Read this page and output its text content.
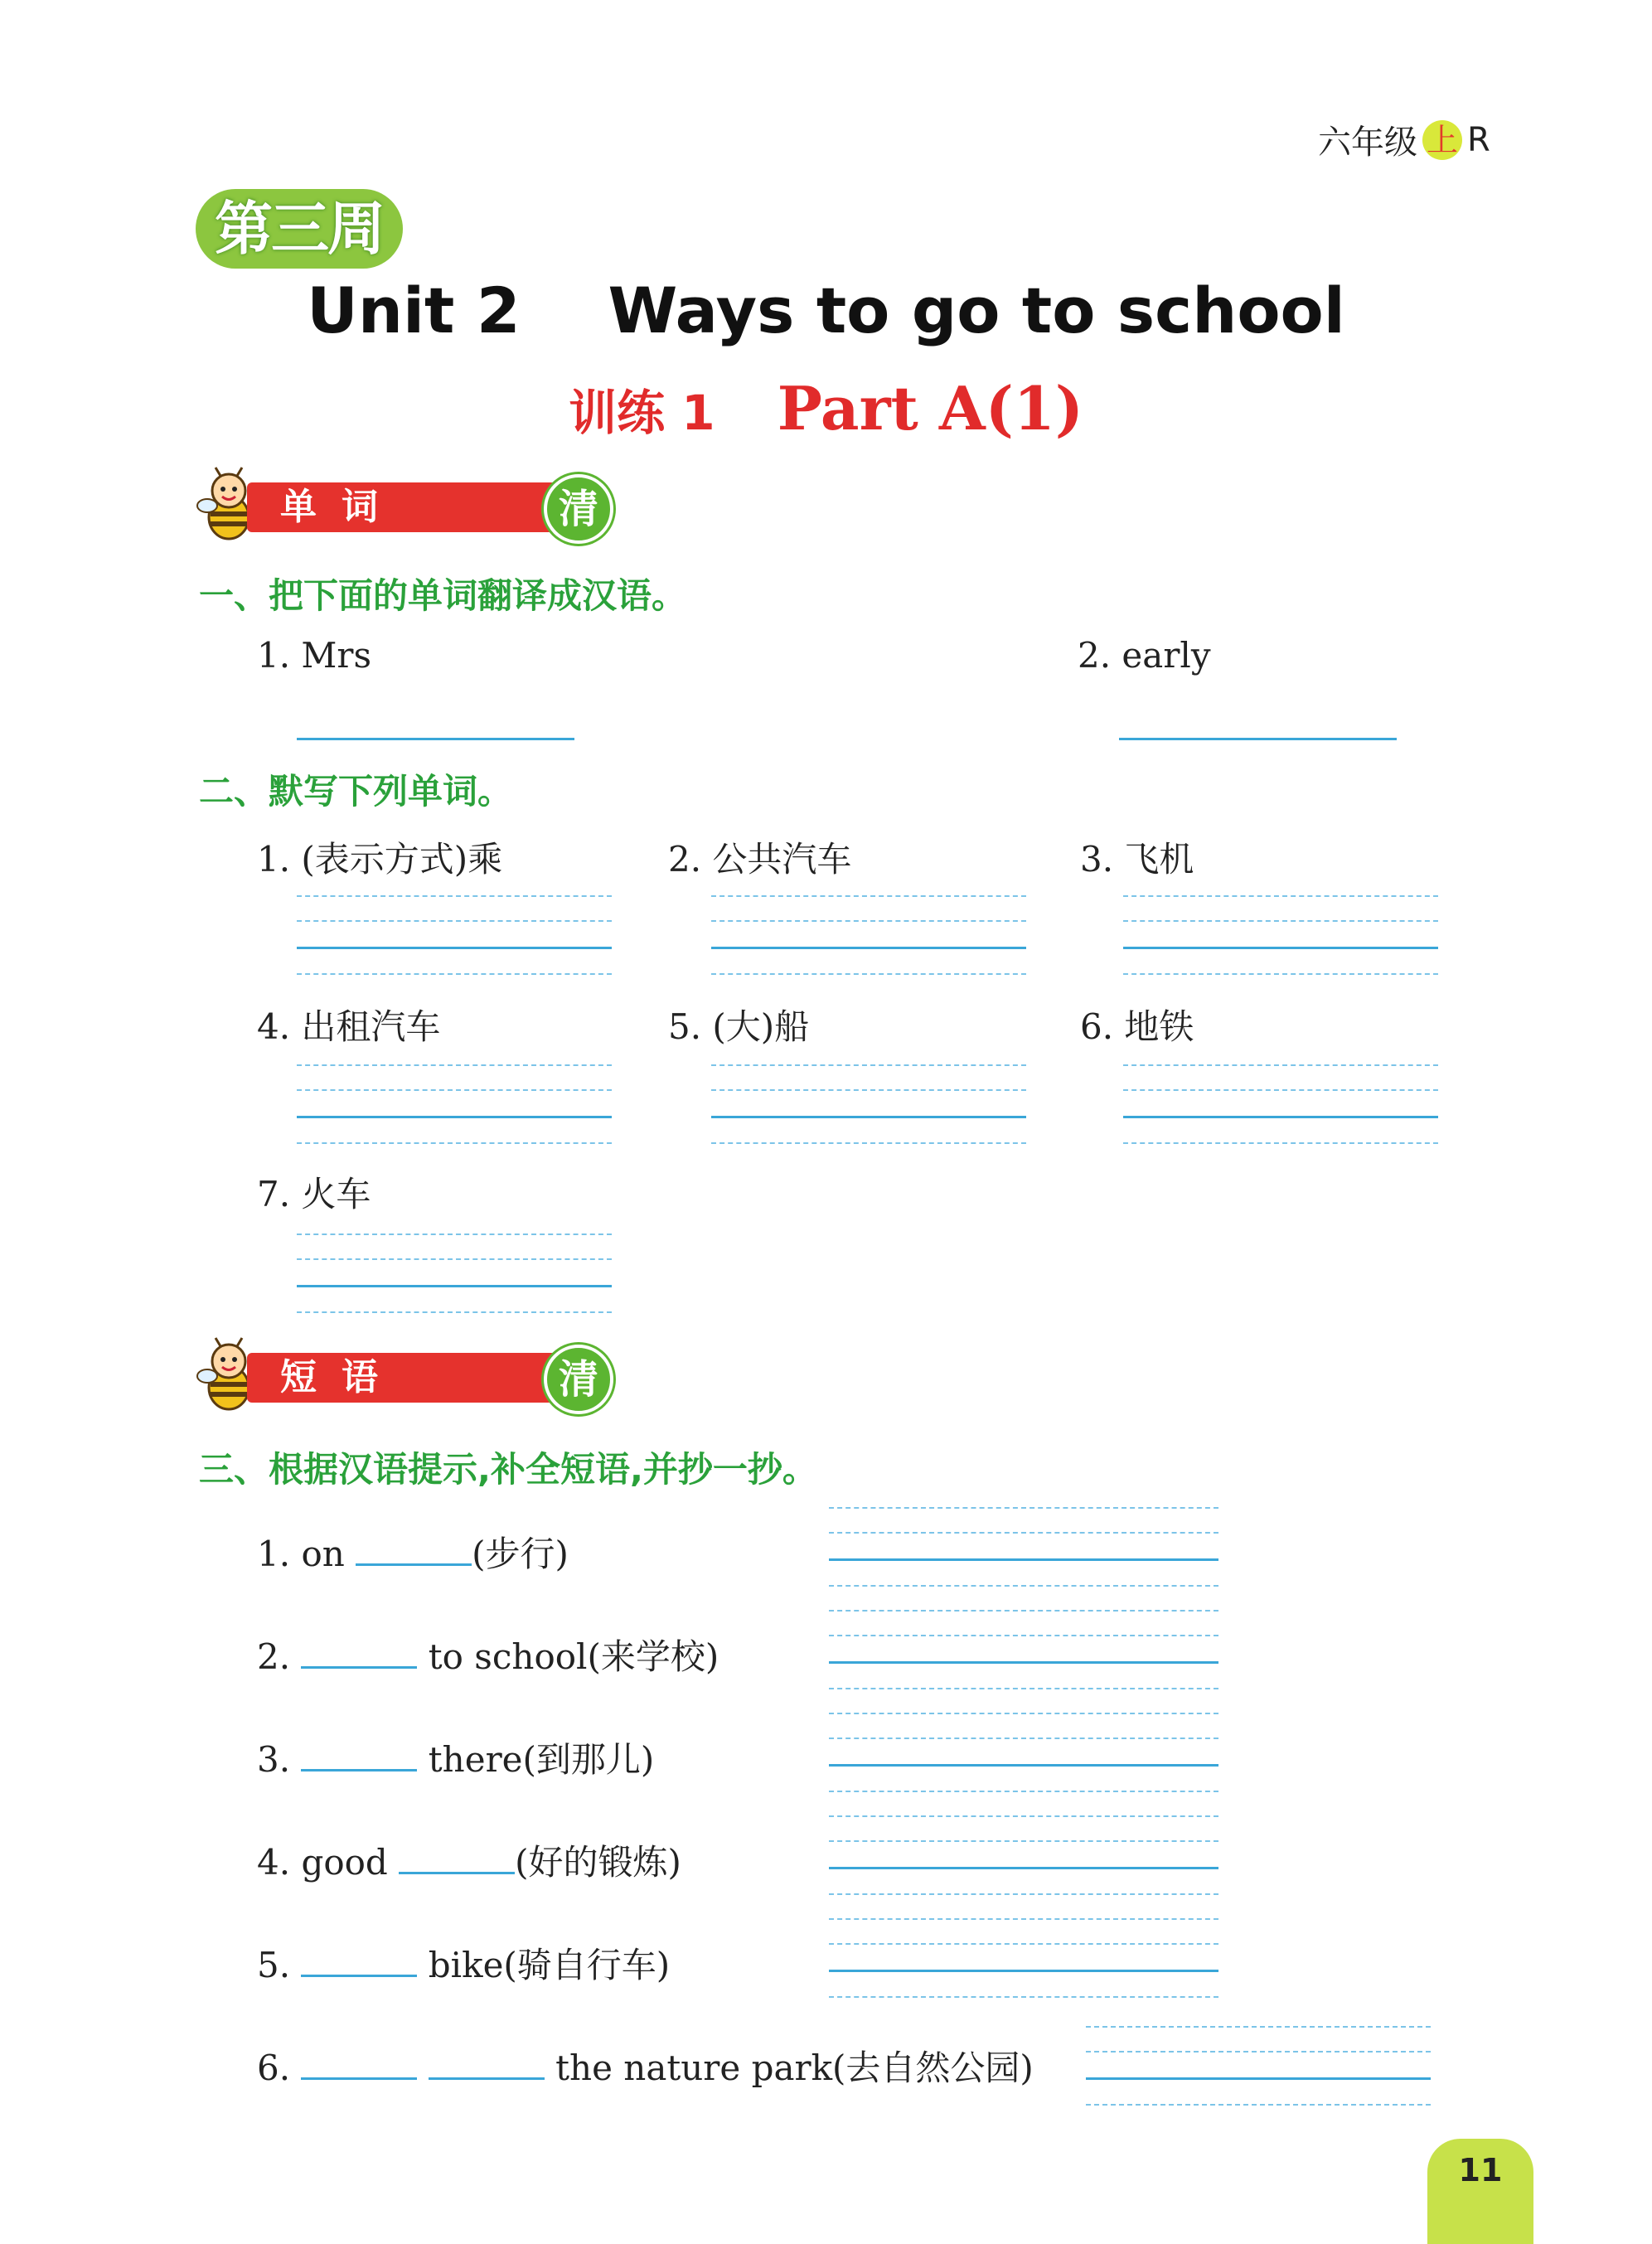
六年级 上 R
第三周
Unit 2    Ways to go to school
训练 1 Part A(1)
单词	清
一、把下面的单词翻译成汉语。
1. Mrs	2. early
二、默写下列单词。
1. (表示方式)乘	2. 公共汽车	3. 飞机
4. 出租汽车	5. (大)船	6. 地铁
7. 火车
短语	清
三、根据汉语提示,补全短语,并抄一抄。
1. on	(步行)
2.	to school(来学校)
3.	there(到那儿)
4. good	(好的锻炼)
5.	bike(骑自行车)
6.	the nature park(去自然公园)
11
